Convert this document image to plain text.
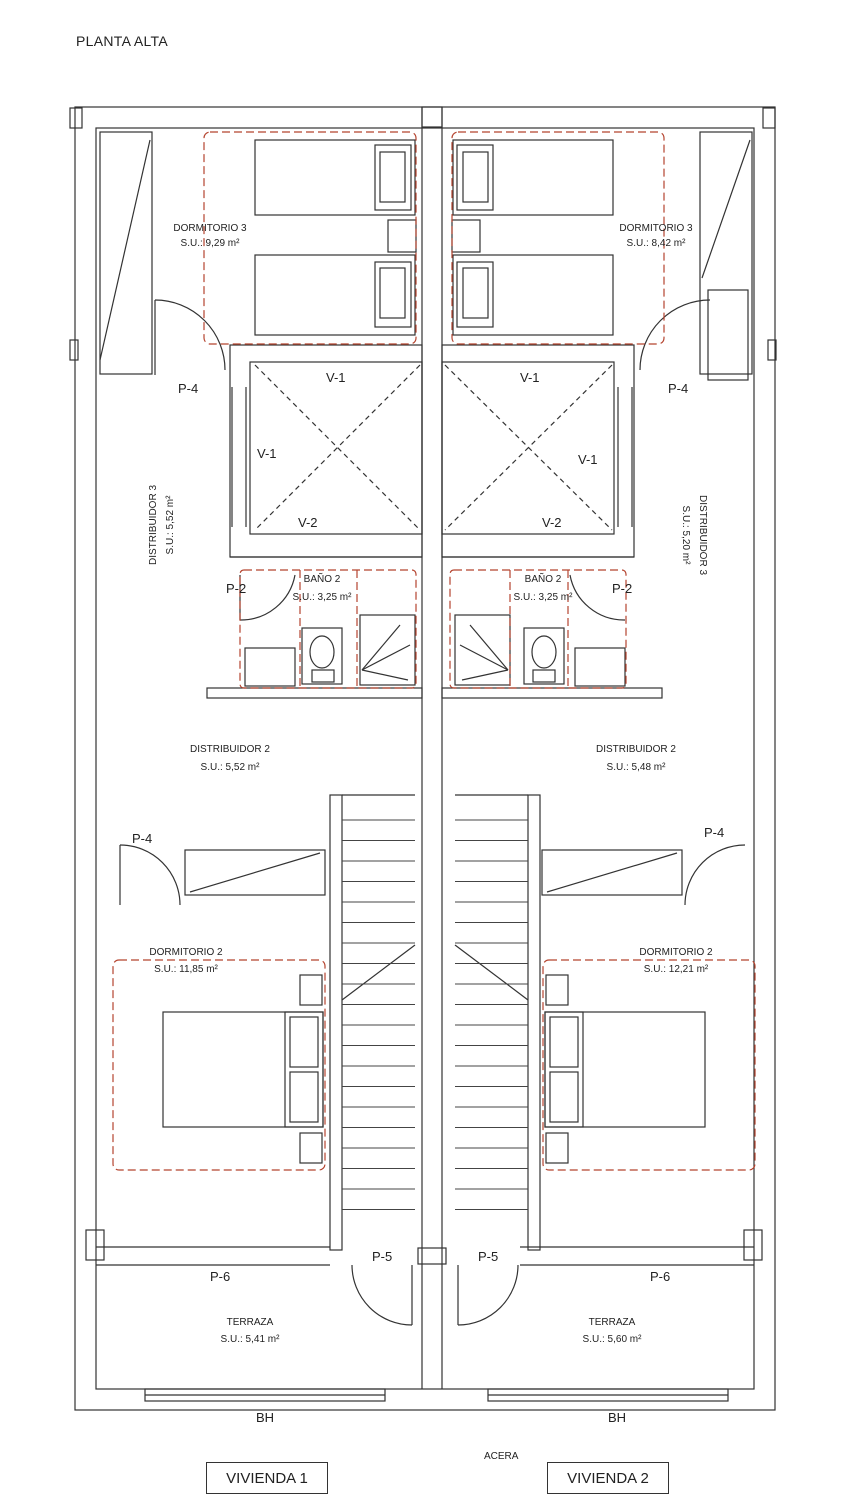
PLANTA ALTA
DORMITORIO 3
S.U.: 9,29 m²
DISTRIBUIDOR 3 S.U.: 5,52 m²
BAÑO 2
S.U.: 3,25 m²
DISTRIBUIDOR 2
S.U.: 5,52 m²
DORMITORIO 2
S.U.: 11,85 m²
TERRAZA
S.U.: 5,41 m²
P-4
P-2
P-4
P-5
P-6
V-1
V-1
V-2
BH
DORMITORIO 3
S.U.: 8,42 m²
DISTRIBUIDOR 3
S.U.: 5,20 m²
BAÑO 2
S.U.: 3,25 m²
DISTRIBUIDOR 2
S.U.: 5,48 m²
DORMITORIO 2
S.U.: 12,21 m²
TERRAZA
S.U.: 5,60 m²
P-4
P-2
P-4
P-5
P-6
V-1
V-1
V-2
BH
ACERA
VIVIENDA 1	VIVIENDA 2
